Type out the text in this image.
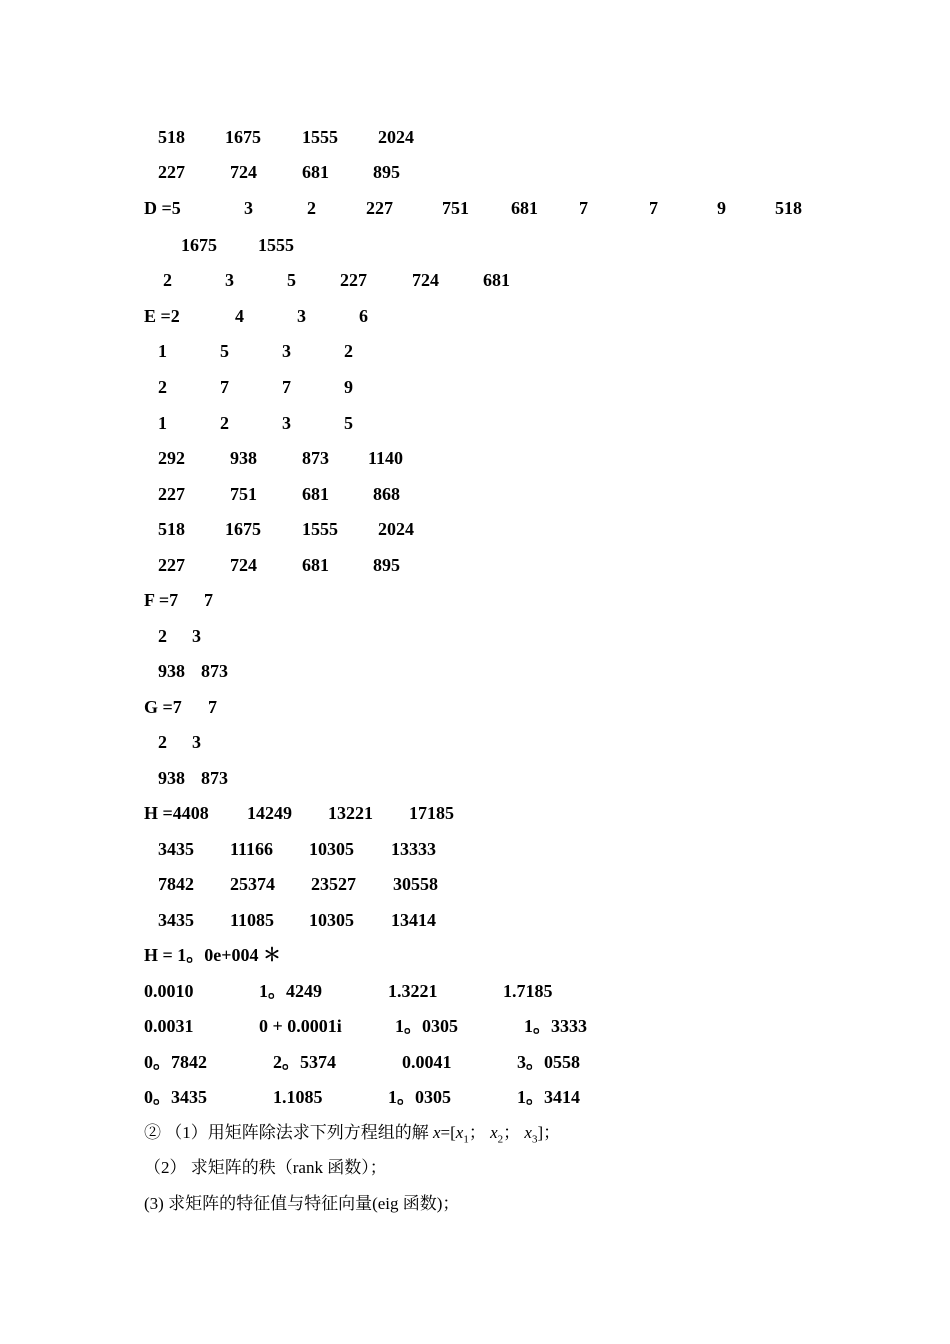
518 1675 1555 2024
227	724	681 895
D =5	3	2	227	751 681 7	7	9	518
1675 1555
2	3	5 227	724 681
E =2	4	3	6
1	5	3	2
2	7	7	9
1	2	3	5
292	938	873 1140
227	751	681 868
518 1675 1555 2024
227	724	681 895
F =7 7
2 3
938 873
G =7 7
2 3
938 873
H =4408 14249 13221 17185
3435 11166 10305 13333
7842 25374 23527 30558
3435 11085 10305 13414
H = 1。0e+004 ＊
0.0010	1。4249	1.3221	1.7185
0.0031	0 + 0.0001i	1。0305	1。3333
0。7842	2。5374	0.0041	3。0558
0。3435	1.1085	1。0305	1。3414
② （1）用矩阵除法求下列方程组的解 $x=[x_1$； $x_2$； $x_3$]；
（2） 求矩阵的秩（rank 函数）；
(3) 求矩阵的特征值与特征向量(eig 函数)；
